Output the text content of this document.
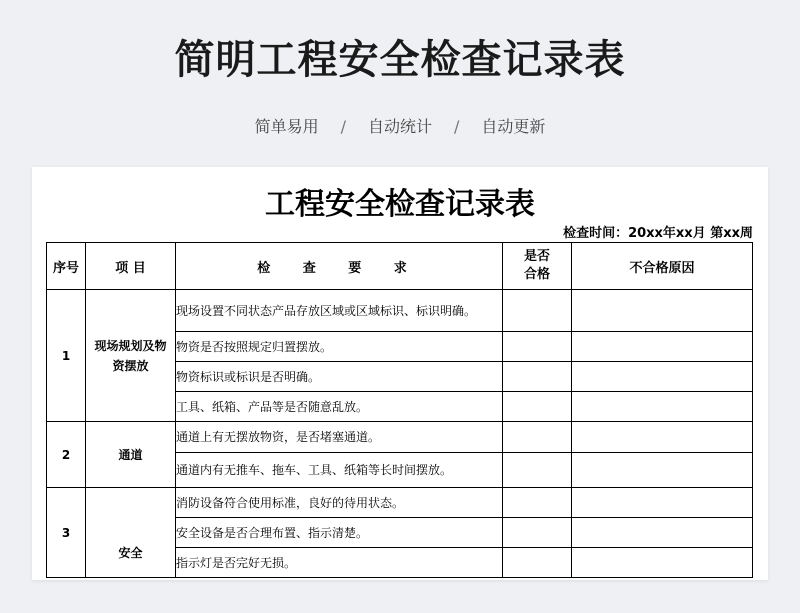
简明工程安全检查记录表
简单易用 / 自动统计 / 自动更新
工程安全检查记录表
检查时间：20xx年xx月 第xx周
序号	项 目	检 查 要 求	是否合格	不合格原因
1	现场规划及物资摆放	现场设置不同状态产品存放区域或区域标识、标识明确。		
		物资是否按照规定归置摆放。		
		物资标识或标识是否明确。		
		工具、纸箱、产品等是否随意乱放。		
2	通道	通道上有无摆放物资，是否堵塞通道。		
		通道内有无推车、拖车、工具、纸箱等长时间摆放。		
3	安全	消防设备符合使用标准，良好的待用状态。		
		安全设备是否合理布置、指示清楚。		
		指示灯是否完好无损。		
